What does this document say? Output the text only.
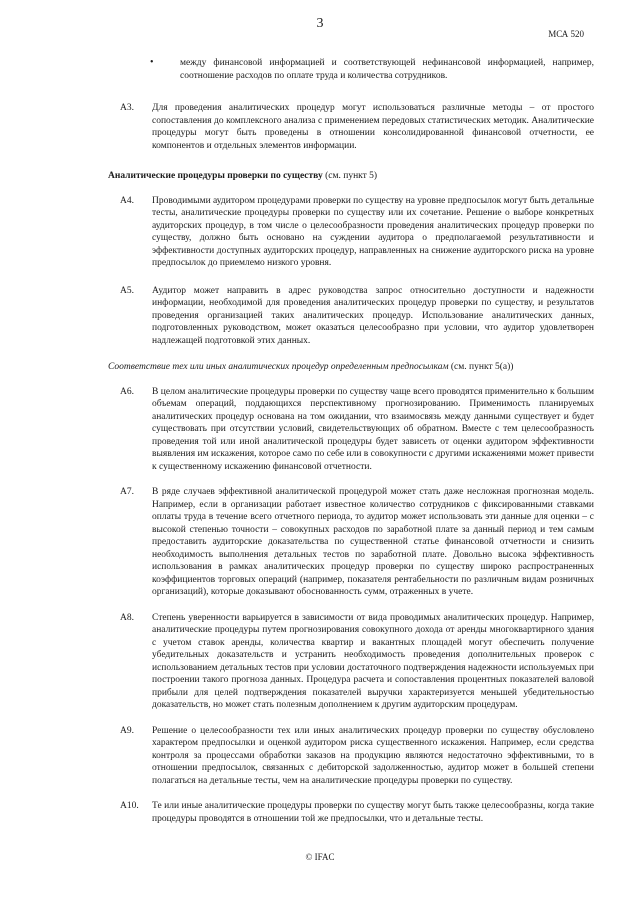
3
МСА 520
•	между финансовой информацией и соответствующей нефинансовой информацией, например, соотношение расходов по оплате труда и количества сотрудников.
A3. Для проведения аналитических процедур могут использоваться различные методы – от простого сопоставления до комплексного анализа с применением передовых статистических методик. Аналитические процедуры могут быть проведены в отношении консолидированной финансовой отчетности, ее компонентов и отдельных элементов информации.
Аналитические процедуры проверки по существу (см. пункт 5)
A4. Проводимыми аудитором процедурами проверки по существу на уровне предпосылок могут быть детальные тесты, аналитические процедуры проверки по существу или их сочетание. Решение о выборе конкретных аудиторских процедур, в том числе о целесообразности проведения аналитических процедур проверки по существу, должно быть основано на суждении аудитора о предполагаемой результативности и эффективности доступных аудиторских процедур, направленных на снижение аудиторского риска на уровне предпосылок до приемлемо низкого уровня.
A5. Аудитор может направить в адрес руководства запрос относительно доступности и надежности информации, необходимой для проведения аналитических процедур проверки по существу, и результатов проведения организацией таких аналитических процедур. Использование аналитических данных, подготовленных руководством, может оказаться целесообразно при условии, что аудитор удовлетворен надлежащей подготовкой этих данных.
Соответствие тех или иных аналитических процедур определенным предпосылкам (см. пункт 5(a))
A6. В целом аналитические процедуры проверки по существу чаще всего проводятся применительно к большим объемам операций, поддающихся перспективному прогнозированию. Применимость планируемых аналитических процедур основана на том ожидании, что взаимосвязь между данными существует и будет существовать при отсутствии условий, свидетельствующих об обратном. Вместе с тем целесообразность проведения той или иной аналитической процедуры будет зависеть от оценки аудитором эффективности выявления им искажения, которое само по себе или в совокупности с другими искажениями может привести к существенному искажению финансовой отчетности.
A7. В ряде случаев эффективной аналитической процедурой может стать даже несложная прогнозная модель. Например, если в организации работает известное количество сотрудников с фиксированными ставками оплаты труда в течение всего отчетного периода, то аудитор может использовать эти данные для оценки – с высокой степенью точности – совокупных расходов по заработной плате за данный период и тем самым предоставить аудиторские доказательства по существенной статье финансовой отчетности и снизить необходимость выполнения детальных тестов по заработной плате. Довольно высока эффективность использования в рамках аналитических процедур проверки по существу широко распространенных коэффициентов торговых операций (например, показателя рентабельности по различным видам розничных организаций), которые доказывают обоснованность сумм, отраженных в учете.
A8. Степень уверенности варьируется в зависимости от вида проводимых аналитических процедур. Например, аналитические процедуры путем прогнозирования совокупного дохода от аренды многоквартирного здания с учетом ставок аренды, количества квартир и вакантных площадей могут обеспечить получение убедительных доказательств и устранить необходимость проведения дополнительных проверок с использованием детальных тестов при условии достаточного подтверждения надежности используемых при построении такого прогноза данных. Процедура расчета и сопоставления процентных показателей валовой прибыли для целей подтверждения показателей выручки характеризуется меньшей убедительностью доказательств, но может стать полезным дополнением к другим аудиторским процедурам.
A9. Решение о целесообразности тех или иных аналитических процедур проверки по существу обусловлено характером предпосылки и оценкой аудитором риска существенного искажения. Например, если средства контроля за процессами обработки заказов на продукцию являются недостаточно эффективными, то в отношении предпосылок, связанных с дебиторской задолженностью, аудитор может в большей степени полагаться на детальные тесты, чем на аналитические процедуры проверки по существу.
A10. Те или иные аналитические процедуры проверки по существу могут быть также целесообразны, когда такие процедуры проводятся в отношении той же предпосылки, что и детальные тесты.
© IFAC
